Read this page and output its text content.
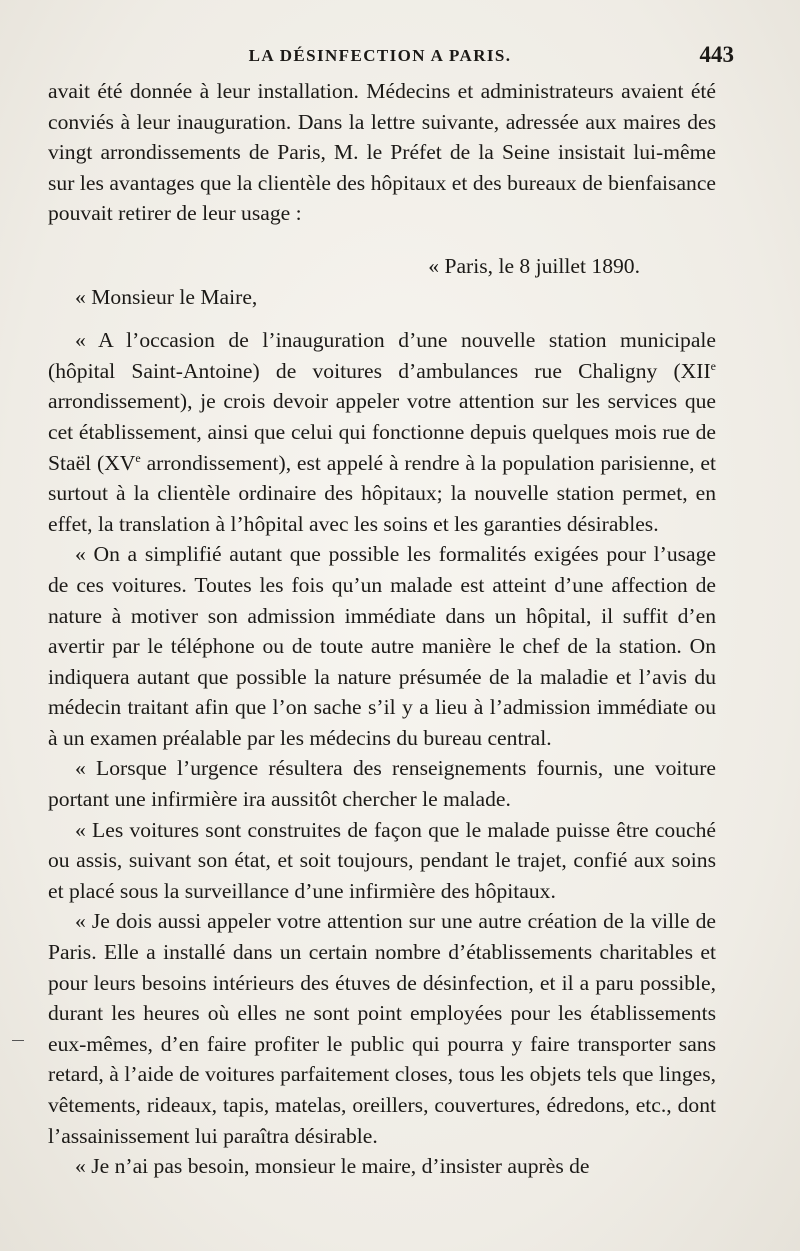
LA DÉSINFECTION A PARIS.	443

avait été donnée à leur installation. Médecins et administrateurs avaient été conviés à leur inauguration. Dans la lettre suivante, adressée aux maires des vingt arrondissements de Paris, M. le Préfet de la Seine insistait lui-même sur les avantages que la clientèle des hôpitaux et des bureaux de bienfaisance pouvait retirer de leur usage :

« Paris, le 8 juillet 1890.

« Monsieur le Maire,

« A l’occasion de l’inauguration d’une nouvelle station municipale (hôpital Saint-Antoine) de voitures d’ambulances rue Chaligny (XIIe arrondissement), je crois devoir appeler votre attention sur les services que cet établissement, ainsi que celui qui fonctionne depuis quelques mois rue de Staël (XVe arrondissement), est appelé à rendre à la population parisienne, et surtout à la clientèle ordinaire des hôpitaux; la nouvelle station permet, en effet, la translation à l’hôpital avec les soins et les garanties désirables.

« On a simplifié autant que possible les formalités exigées pour l’usage de ces voitures. Toutes les fois qu’un malade est atteint d’une affection de nature à motiver son admission immédiate dans un hôpital, il suffit d’en avertir par le téléphone ou de toute autre manière le chef de la station. On indiquera autant que possible la nature présumée de la maladie et l’avis du médecin traitant afin que l’on sache s’il y a lieu à l’admission immédiate ou à un examen préalable par les médecins du bureau central.

« Lorsque l’urgence résultera des renseignements fournis, une voiture portant une infirmière ira aussitôt chercher le malade.

« Les voitures sont construites de façon que le malade puisse être couché ou assis, suivant son état, et soit toujours, pendant le trajet, confié aux soins et placé sous la surveillance d’une infirmière des hôpitaux.

« Je dois aussi appeler votre attention sur une autre création de la ville de Paris. Elle a installé dans un certain nombre d’établissements charitables et pour leurs besoins intérieurs des étuves de désinfection, et il a paru possible, durant les heures où elles ne sont point employées pour les établissements eux-mêmes, d’en faire profiter le public qui pourra y faire transporter sans retard, à l’aide de voitures parfaitement closes, tous les objets tels que linges, vêtements, rideaux, tapis, matelas, oreillers, couvertures, édredons, etc., dont l’assainissement lui paraîtra désirable.

« Je n’ai pas besoin, monsieur le maire, d’insister auprès de
